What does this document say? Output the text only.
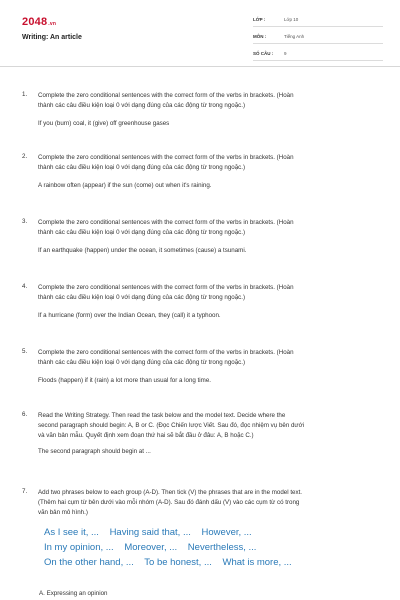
2048.vn
Writing: An article
LỚP :	Lớp 10
MÔN :	Tiếng Anh
SỐ CÂU : 9
1. Complete the zero conditional sentences with the correct form of the verbs in brackets. (Hoàn
thành các câu điều kiện loại 0 với dạng đúng của các động từ trong ngoặc.)
If you (burn) coal, it (give) off greenhouse gases
2. Complete the zero conditional sentences with the correct form of the verbs in brackets. (Hoàn
thành các câu điều kiện loại 0 với dạng đúng của các động từ trong ngoặc.)
A rainbow often (appear) if the sun (come) out when it's raining.
3. Complete the zero conditional sentences with the correct form of the verbs in brackets. (Hoàn
thành các câu điều kiện loại 0 với dạng đúng của các động từ trong ngoặc.)
If an earthquake (happen) under the ocean, it sometimes (cause) a tsunami.
4. Complete the zero conditional sentences with the correct form of the verbs in brackets. (Hoàn
thành các câu điều kiện loại 0 với dạng đúng của các động từ trong ngoặc.)
If a hurricane (form) over the Indian Ocean, they (call) it a typhoon.
5. Complete the zero conditional sentences with the correct form of the verbs in brackets. (Hoàn
thành các câu điều kiện loại 0 với dạng đúng của các động từ trong ngoặc.)
Floods (happen) if it (rain) a lot more than usual for a long time.
6. Read the Writing Strategy. Then read the task below and the model text. Decide where the
second paragraph should begin: A, B or C. (Đọc Chiến lược Viết. Sau đó, đọc nhiệm vụ bên dưới
và văn bản mẫu. Quyết định xem đoạn thứ hai sẽ bắt đầu ở đâu: A, B hoặc C.)
The second paragraph should begin at ...
7. Add two phrases below to each group (A-D). Then tick (V) the phrases that are in the model text.
(Thêm hai cụm từ bên dưới vào mỗi nhóm (A-D). Sau đó đánh dấu (V) vào các cụm từ có trong
văn bản mô hình.)
As I see it, ... Having said that, ... However, ...
In my opinion, ... Moreover, ... Nevertheless, ...
On the other hand, ... To be honest, ... What is more, ...
A. Expressing an opinion
